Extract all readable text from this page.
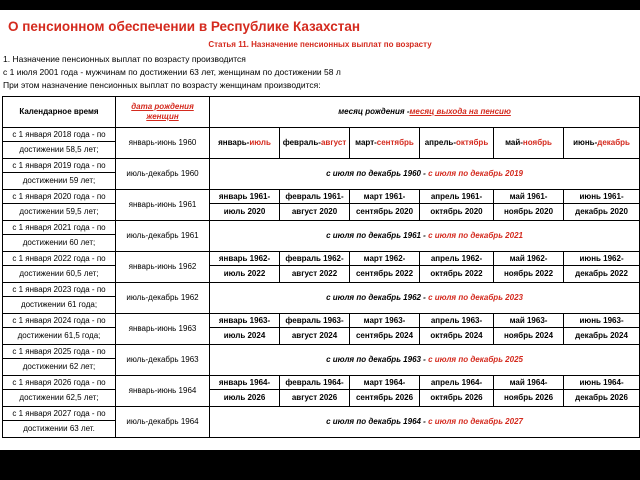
О пенсионном обеспечении в Республике Казахстан
Статья 11. Назначение пенсионных выплат по возрасту
1. Назначение пенсионных выплат по возрасту производится
с 1 июля 2001 года - мужчинам по достижении 63 лет, женщинам по достижении 58 л
При этом назначение пенсионных выплат по возрасту женщинам производится:
Календарное время	дата рождения женщин	месяц рождения -месяц выхода на пенсию					
с 1 января 2018 года - по	январь-июнь 1960	январь-июль	февраль-август	март-сентябрь	апрель-октябрь	май-ноябрь	июнь-декабрь
достижении 58,5 лет;							
с 1 января 2019 года - по	июль-декабрь 1960	с июля по декабрь 1960 - с июля по декабрь 2019					
достижении 59 лет;							
с 1 января 2020 года - по	январь-июнь 1961	январь 1961-	февраль 1961-	март 1961-	апрель 1961-	май 1961-	июнь 1961-
достижении 59,5 лет;		июль 2020	август 2020	сентябрь 2020	октябрь 2020	ноябрь 2020	декабрь 2020
с 1 января 2021 года - по	июль-декабрь 1961	с июля по декабрь 1961 - с июля по декабрь 2021					
достижении 60 лет;							
с 1 января 2022 года - по	январь-июнь 1962	январь 1962-	февраль 1962-	март 1962-	апрель 1962-	май 1962-	июнь 1962-
достижении 60,5 лет;		июль 2022	август 2022	сентябрь 2022	октябрь 2022	ноябрь 2022	декабрь 2022
с 1 января 2023 года - по	июль-декабрь 1962	с июля по декабрь 1962 - с июля по декабрь 2023					
достижении 61 года;							
с 1 января 2024 года - по	январь-июнь 1963	январь 1963-	февраль 1963-	март 1963-	апрель 1963-	май 1963-	июнь 1963-
достижении 61,5 года;		июль 2024	август 2024	сентябрь 2024	октябрь 2024	ноябрь 2024	декабрь 2024
с 1 января 2025 года - по	июль-декабрь 1963	с июля по декабрь 1963 - с июля по декабрь 2025					
достижении 62 лет;							
с 1 января 2026 года - по	январь-июнь 1964	январь 1964-	февраль 1964-	март 1964-	апрель 1964-	май 1964-	июнь 1964-
достижении 62,5 лет;		июль 2026	август 2026	сентябрь 2026	октябрь 2026	ноябрь 2026	декабрь 2026
с 1 января 2027 года - по	июль-декабрь 1964	с июля по декабрь 1964 - с июля по декабрь 2027					
достижении 63 лет.							
